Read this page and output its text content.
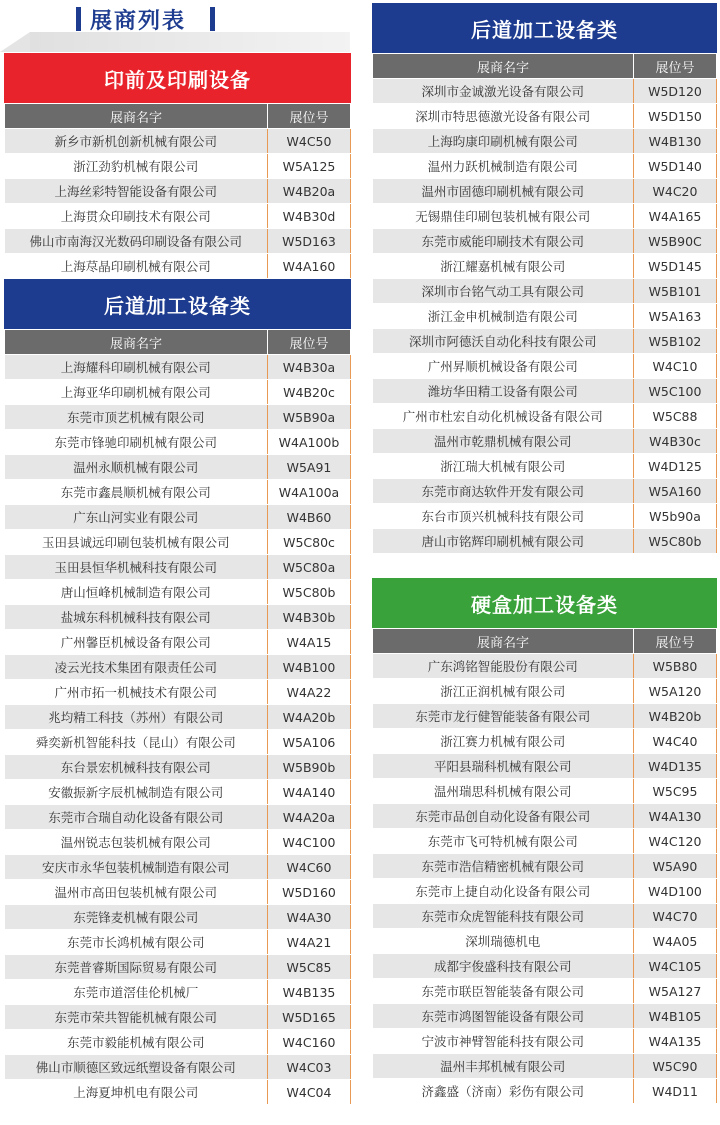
展商列表
印前及印刷设备
展商名字	展位号
新乡市新机创新机械有限公司	W4C50
浙江劲豹机械有限公司	W5A125
上海丝彩特智能设备有限公司	W4B20a
上海贯众印刷技术有限公司	W4B30d
佛山市南海汉光数码印刷设备有限公司	W5D163
上海荩晶印刷机械有限公司	W4A160
后道加工设备类
展商名字	展位号
上海耀科印刷机械有限公司	W4B30a
上海亚华印刷机械有限公司	W4B20c
东莞市顶艺机械有限公司	W5B90a
东莞市锋驰印刷机械有限公司	W4A100b
温州永顺机械有限公司	W5A91
东莞市鑫晨顺机械有限公司	W4A100a
广东山河实业有限公司	W4B60
玉田县诚远印刷包装机械有限公司	W5C80c
玉田县恒华机械科技有限公司	W5C80a
唐山恒峰机械制造有限公司	W5C80b
盐城东科机械科技有限公司	W4B30b
广州馨臣机械设备有限公司	W4A15
凌云光技术集团有限责任公司	W4B100
广州市拓一机械技术有限公司	W4A22
兆均精工科技（苏州）有限公司	W4A20b
舜奕新机智能科技（昆山）有限公司	W5A106
东台景宏机械科技有限公司	W5B90b
安徽振新字辰机械制造有限公司	W4A140
东莞市合瑞自动化设备有限公司	W4A20a
温州锐志包装机械有限公司	W4C100
安庆市永华包装机械制造有限公司	W4C60
温州市高田包装机械有限公司	W5D160
东莞锋麦机械有限公司	W4A30
东莞市长鸿机械有限公司	W4A21
东莞普睿斯国际贸易有限公司	W5C85
东莞市道滘佳伦机械厂	W4B135
东莞市荣共智能机械有限公司	W5D165
东莞市毅能机械有限公司	W4C160
佛山市顺德区致远纸塑设备有限公司	W4C03
上海夏坤机电有限公司	W4C04
后道加工设备类
展商名字	展位号
深圳市金诚激光设备有限公司	W5D120
深圳市特思德激光设备有限公司	W5D150
上海昀康印刷机械有限公司	W4B130
温州力跃机械制造有限公司	W5D140
温州市固德印刷机械有限公司	W4C20
无锡鼎佳印刷包装机械有限公司	W4A165
东莞市威能印刷技术有限公司	W5B90C
浙江耀嘉机械有限公司	W5D145
深圳市台铭气动工具有限公司	W5B101
浙江金申机械制造有限公司	W5A163
深圳市阿德沃自动化科技有限公司	W5B102
广州昇顺机械设备有限公司	W4C10
潍坊华田精工设备有限公司	W5C100
广州市杜宏自动化机械设备有限公司	W5C88
温州市乾鼎机械有限公司	W4B30c
浙江瑞大机械有限公司	W4D125
东莞市商达软件开发有限公司	W5A160
东台市顶兴机械科技有限公司	W5b90a
唐山市铭辉印刷机械有限公司	W5C80b
硬盒加工设备类
展商名字	展位号
广东鸿铭智能股份有限公司	W5B80
浙江正润机械有限公司	W5A120
东莞市龙行健智能装备有限公司	W4B20b
浙江赛力机械有限公司	W4C40
平阳县瑞科机械有限公司	W4D135
温州瑞思科机械有限公司	W5C95
东莞市品创自动化设备有限公司	W4A130
东莞市飞可特机械有限公司	W4C120
东莞市浩信精密机械有限公司	W5A90
东莞市上捷自动化设备有限公司	W4D100
东莞市众虎智能科技有限公司	W4C70
深圳瑞德机电	W4A05
成都宇俊盛科技有限公司	W4C105
东莞市联臣智能装备有限公司	W5A127
东莞市鸿图智能设备有限公司	W4B105
宁波市神臂智能科技有限公司	W4A135
温州丰邦机械有限公司	W5C90
济鑫盛（济南）彩伤有限公司	W4D11
